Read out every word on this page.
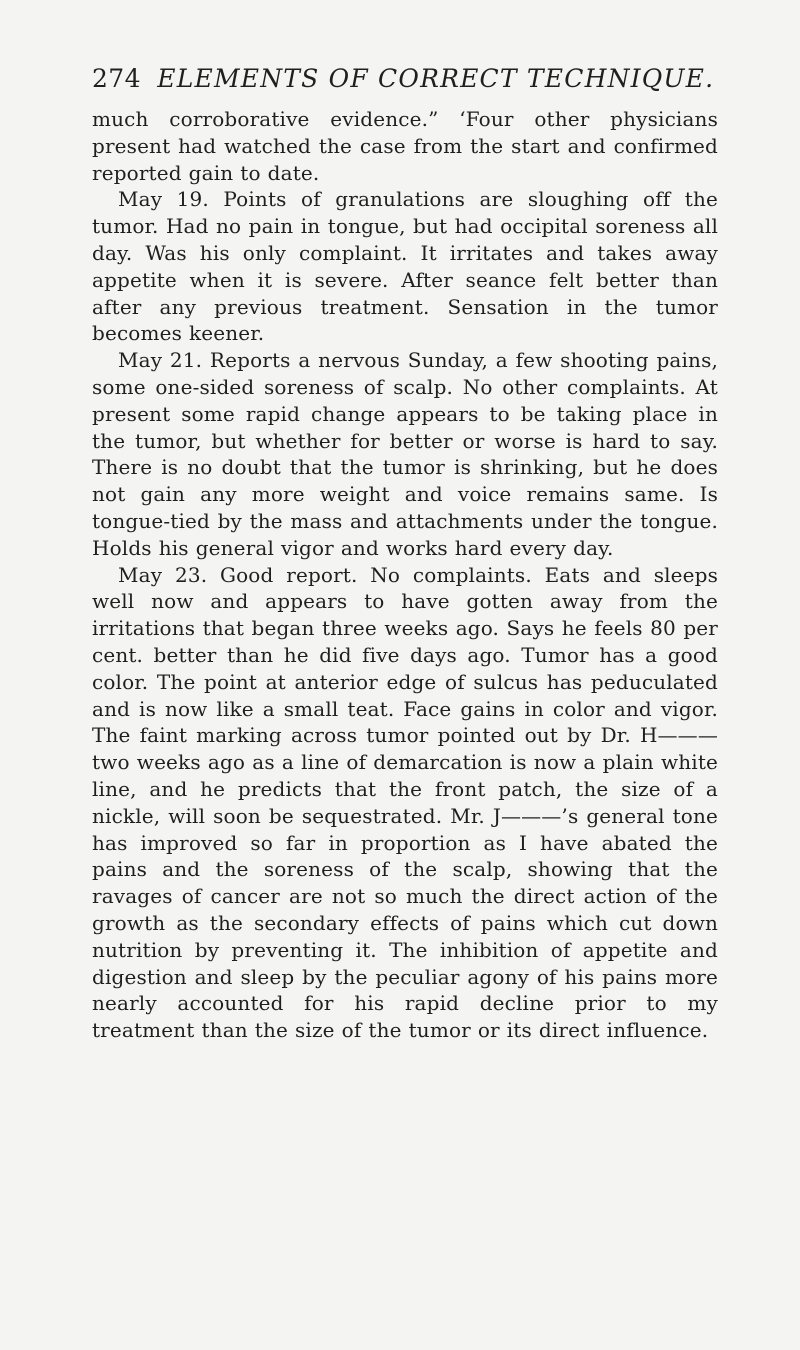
274 ELEMENTS OF CORRECT TECHNIQUE.

much corroborative evidence.” ‘Four other physicians present had watched the case from the start and confirmed reported gain to date.

May 19. Points of granulations are sloughing off the tumor. Had no pain in tongue, but had occipital soreness all day. Was his only complaint. It irritates and takes away appetite when it is severe. After seance felt better than after any previous treatment. Sensation in the tumor becomes keener.

May 21. Reports a nervous Sunday, a few shooting pains, some one-sided soreness of scalp. No other complaints. At present some rapid change appears to be taking place in the tumor, but whether for better or worse is hard to say. There is no doubt that the tumor is shrinking, but he does not gain any more weight and voice remains same. Is tongue-tied by the mass and attachments under the tongue. Holds his general vigor and works hard every day.

May 23. Good report. No complaints. Eats and sleeps well now and appears to have gotten away from the irritations that began three weeks ago. Says he feels 80 per cent. better than he did five days ago. Tumor has a good color. The point at anterior edge of sulcus has peduculated and is now like a small teat. Face gains in color and vigor. The faint marking across tumor pointed out by Dr. H——— two weeks ago as a line of demarcation is now a plain white line, and he predicts that the front patch, the size of a nickle, will soon be sequestrated. Mr. J———’s general tone has improved so far in proportion as I have abated the pains and the soreness of the scalp, showing that the ravages of cancer are not so much the direct action of the growth as the secondary effects of pains which cut down nutrition by preventing it. The inhibition of appetite and digestion and sleep by the peculiar agony of his pains more nearly accounted for his rapid decline prior to my treatment than the size of the tumor or its direct influence.
